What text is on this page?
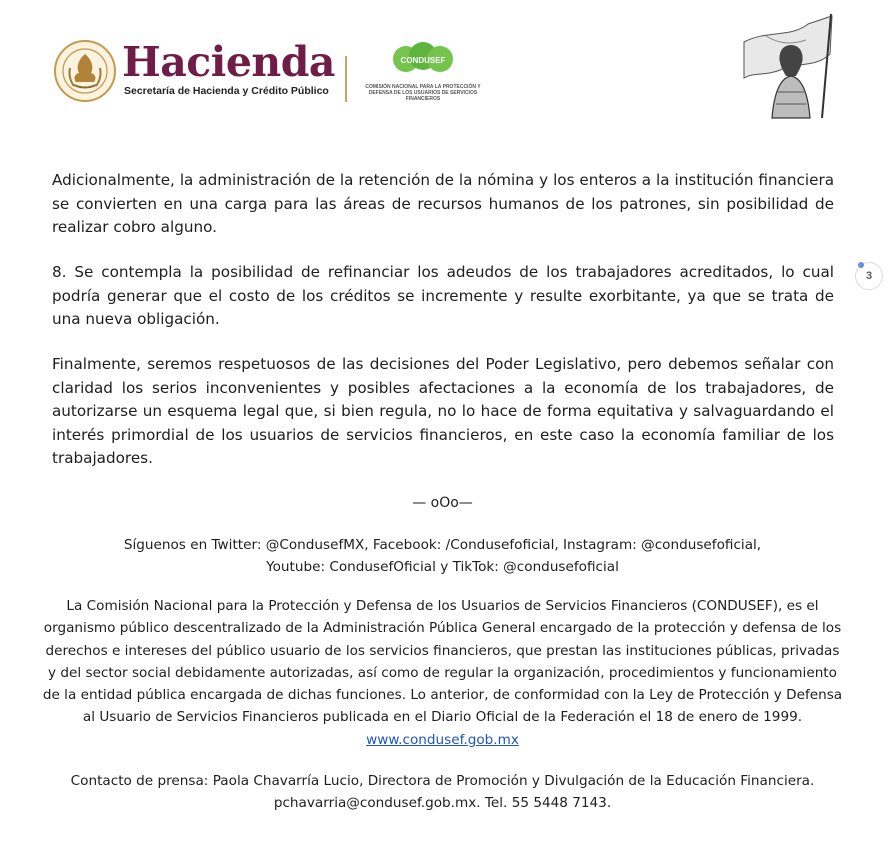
Hacienda
Secretaría de Hacienda y Crédito Público
CONDUSEF
COMISIÓN NACIONAL PARA LA PROTECCIÓN Y DEFENSA DE LOS USUARIOS DE SERVICIOS FINANCIEROS
3

Adicionalmente, la administración de la retención de la nómina y los enteros a la institución financiera se convierten en una carga para las áreas de recursos humanos de los patrones, sin posibilidad de realizar cobro alguno.

8. Se contempla la posibilidad de refinanciar los adeudos de los trabajadores acreditados, lo cual podría generar que el costo de los créditos se incremente y resulte exorbitante, ya que se trata de una nueva obligación.

Finalmente, seremos respetuosos de las decisiones del Poder Legislativo, pero debemos señalar con claridad los serios inconvenientes y posibles afectaciones a la economía de los trabajadores, de autorizarse un esquema legal que, si bien regula, no lo hace de forma equitativa y salvaguardando el interés primordial de los usuarios de servicios financieros, en este caso la economía familiar de los trabajadores.

— oOo—

Síguenos en Twitter: @CondusefMX, Facebook: /Condusefoficial, Instagram: @condusefoficial,
Youtube: CondusefOficial y TikTok: @condusefoficial

La Comisión Nacional para la Protección y Defensa de los Usuarios de Servicios Financieros (CONDUSEF), es el organismo público descentralizado de la Administración Pública General encargado de la protección y defensa de los derechos e intereses del público usuario de los servicios financieros, que prestan las instituciones públicas, privadas y del sector social debidamente autorizadas, así como de regular la organización, procedimientos y funcionamiento de la entidad pública encargada de dichas funciones. Lo anterior, de conformidad con la Ley de Protección y Defensa al Usuario de Servicios Financieros publicada en el Diario Oficial de la Federación el 18 de enero de 1999. www.condusef.gob.mx

Contacto de prensa: Paola Chavarría Lucio, Directora de Promoción y Divulgación de la Educación Financiera.
pchavarria@condusef.gob.mx. Tel. 55 5448 7143.
